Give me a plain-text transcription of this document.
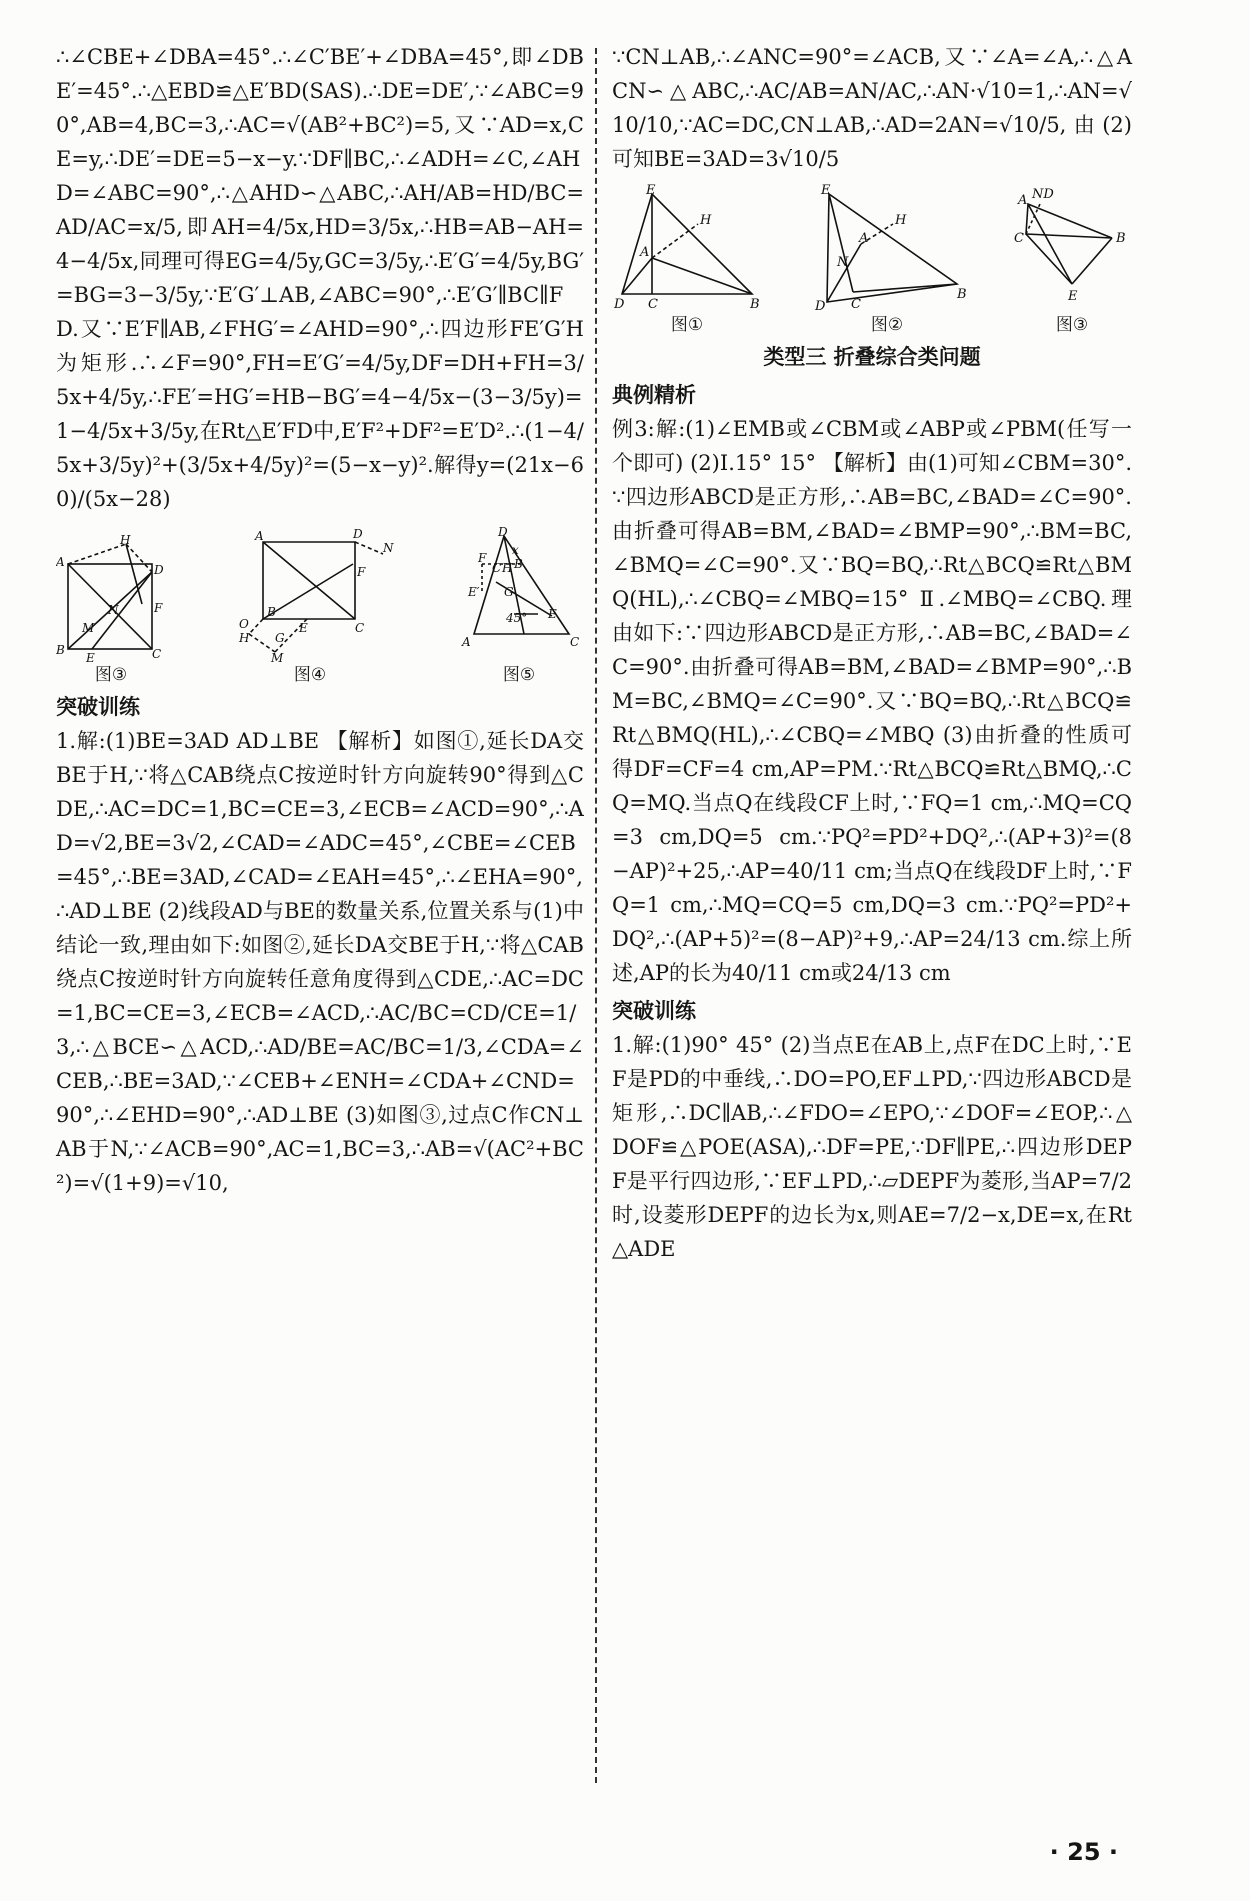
∴∠CBE+∠DBA=45°.∴∠C′BE′+∠DBA=45°,即∠DBE′=45°.∴△EBD≌△E′BD(SAS).∴DE=DE′,∵∠ABC=90°,AB=4,BC=3,∴AC=√(AB²+BC²)=5,又∵AD=x,CE=y,∴DE′=DE=5−x−y.∵DF∥BC,∴∠ADH=∠C,∠AHD=∠ABC=90°,∴△AHD∽△ABC,∴AH/AB=HD/BC=AD/AC=x/5,即AH=4/5x,HD=3/5x,∴HB=AB−AH=4−4/5x,同理可得EG=4/5y,GC=3/5y,∴E′G′=4/5y,BG′=BG=3−3/5y,∵E′G′⊥AB,∠ABC=90°,∴E′G′∥BC∥FD.又∵E′F∥AB,∠FHG′=∠AHD=90°,∴四边形FE′G′H为矩形.∴∠F=90°,FH=E′G′=4/5y,DF=DH+FH=3/5x+4/5y,∴FE′=HG′=HB−BG′=4−4/5x−(3−3/5y)=1−4/5x+3/5y,在Rt△E′FD中,E′F²+DF²=E′D².∴(1−4/5x+3/5y)²+(3/5x+4/5y)²=(5−x−y)².解得y=(21x−60)/(5x−28)

A
D
B	C
E
H
N
M
F
图③
A	D
F
N
B
C
E
G
O
H
M
图④
D
x
F
C H B
E′ G
45° E
A	C
图⑤
突破训练

1.解:(1)BE=3AD AD⊥BE 【解析】如图①,延长DA交BE于H,∵将△CAB绕点C按逆时针方向旋转90°得到△CDE,∴AC=DC=1,BC=CE=3,∠ECB=∠ACD=90°,∴AD=√2,BE=3√2,∠CAD=∠ADC=45°,∠CBE=∠CEB=45°,∴BE=3AD,∠CAD=∠EAH=45°,∴∠EHA=90°,∴AD⊥BE (2)线段AD与BE的数量关系,位置关系与(1)中结论一致,理由如下:如图②,延长DA交BE于H,∵将△CAB绕点C按逆时针方向旋转任意角度得到△CDE,∴AC=DC=1,BC=CE=3,∠ECB=∠ACD,∴AC/BC=CD/CE=1/3,∴△BCE∽△ACD,∴AD/BE=AC/BC=1/3,∠CDA=∠CEB,∴BE=3AD,∵∠CEB+∠ENH=∠CDA+∠CND=90°,∴∠EHD=90°,∴AD⊥BE (3)如图③,过点C作CN⊥AB于N,∵∠ACB=90°,AC=1,BC=3,∴AB=√(AC²+BC²)=√(1+9)=√10,

∵CN⊥AB,∴∠ANC=90°=∠ACB,又∵∠A=∠A,∴△ACN∽△ABC,∴AC/AB=AN/AC,∴AN·√10=1,∴AN=√10/10,∵AC=DC,CN⊥AB,∴AD=2AN=√10/5,由(2)可知BE=3AD=3√10/5

E
H
A
D C	B
图①
E
H
A
N
D C
B
图②
A ND
C	B
E
图③
类型三 折叠综合类问题
典例精析

例3:解:(1)∠EMB或∠CBM或∠ABP或∠PBM(任写一个即可) (2)Ⅰ.15° 15° 【解析】由(1)可知∠CBM=30°.∵四边形ABCD是正方形,∴AB=BC,∠BAD=∠C=90°.由折叠可得AB=BM,∠BAD=∠BMP=90°,∴BM=BC,∠BMQ=∠C=90°.又∵BQ=BQ,∴Rt△BCQ≌Rt△BMQ(HL),∴∠CBQ=∠MBQ=15° Ⅱ.∠MBQ=∠CBQ.理由如下:∵四边形ABCD是正方形,∴AB=BC,∠BAD=∠C=90°.由折叠可得AB=BM,∠BAD=∠BMP=90°,∴BM=BC,∠BMQ=∠C=90°.又∵BQ=BQ,∴Rt△BCQ≌Rt△BMQ(HL),∴∠CBQ=∠MBQ (3)由折叠的性质可得DF=CF=4 cm,AP=PM.∵Rt△BCQ≌Rt△BMQ,∴CQ=MQ.当点Q在线段CF上时,∵FQ=1 cm,∴MQ=CQ=3 cm,DQ=5 cm.∵PQ²=PD²+DQ²,∴(AP+3)²=(8−AP)²+25,∴AP=40/11 cm;当点Q在线段DF上时,∵FQ=1 cm,∴MQ=CQ=5 cm,DQ=3 cm.∵PQ²=PD²+DQ²,∴(AP+5)²=(8−AP)²+9,∴AP=24/13 cm.综上所述,AP的长为40/11 cm或24/13 cm

突破训练

1.解:(1)90° 45° (2)当点E在AB上,点F在DC上时,∵EF是PD的中垂线,∴DO=PO,EF⊥PD,∵四边形ABCD是矩形,∴DC∥AB,∴∠FDO=∠EPO,∵∠DOF=∠EOP,∴△DOF≌△POE(ASA),∴DF=PE,∵DF∥PE,∴四边形DEPF是平行四边形,∵EF⊥PD,∴▱DEPF为菱形,当AP=7/2时,设菱形DEPF的边长为x,则AE=7/2−x,DE=x,在Rt△ADE

· 25 ·
